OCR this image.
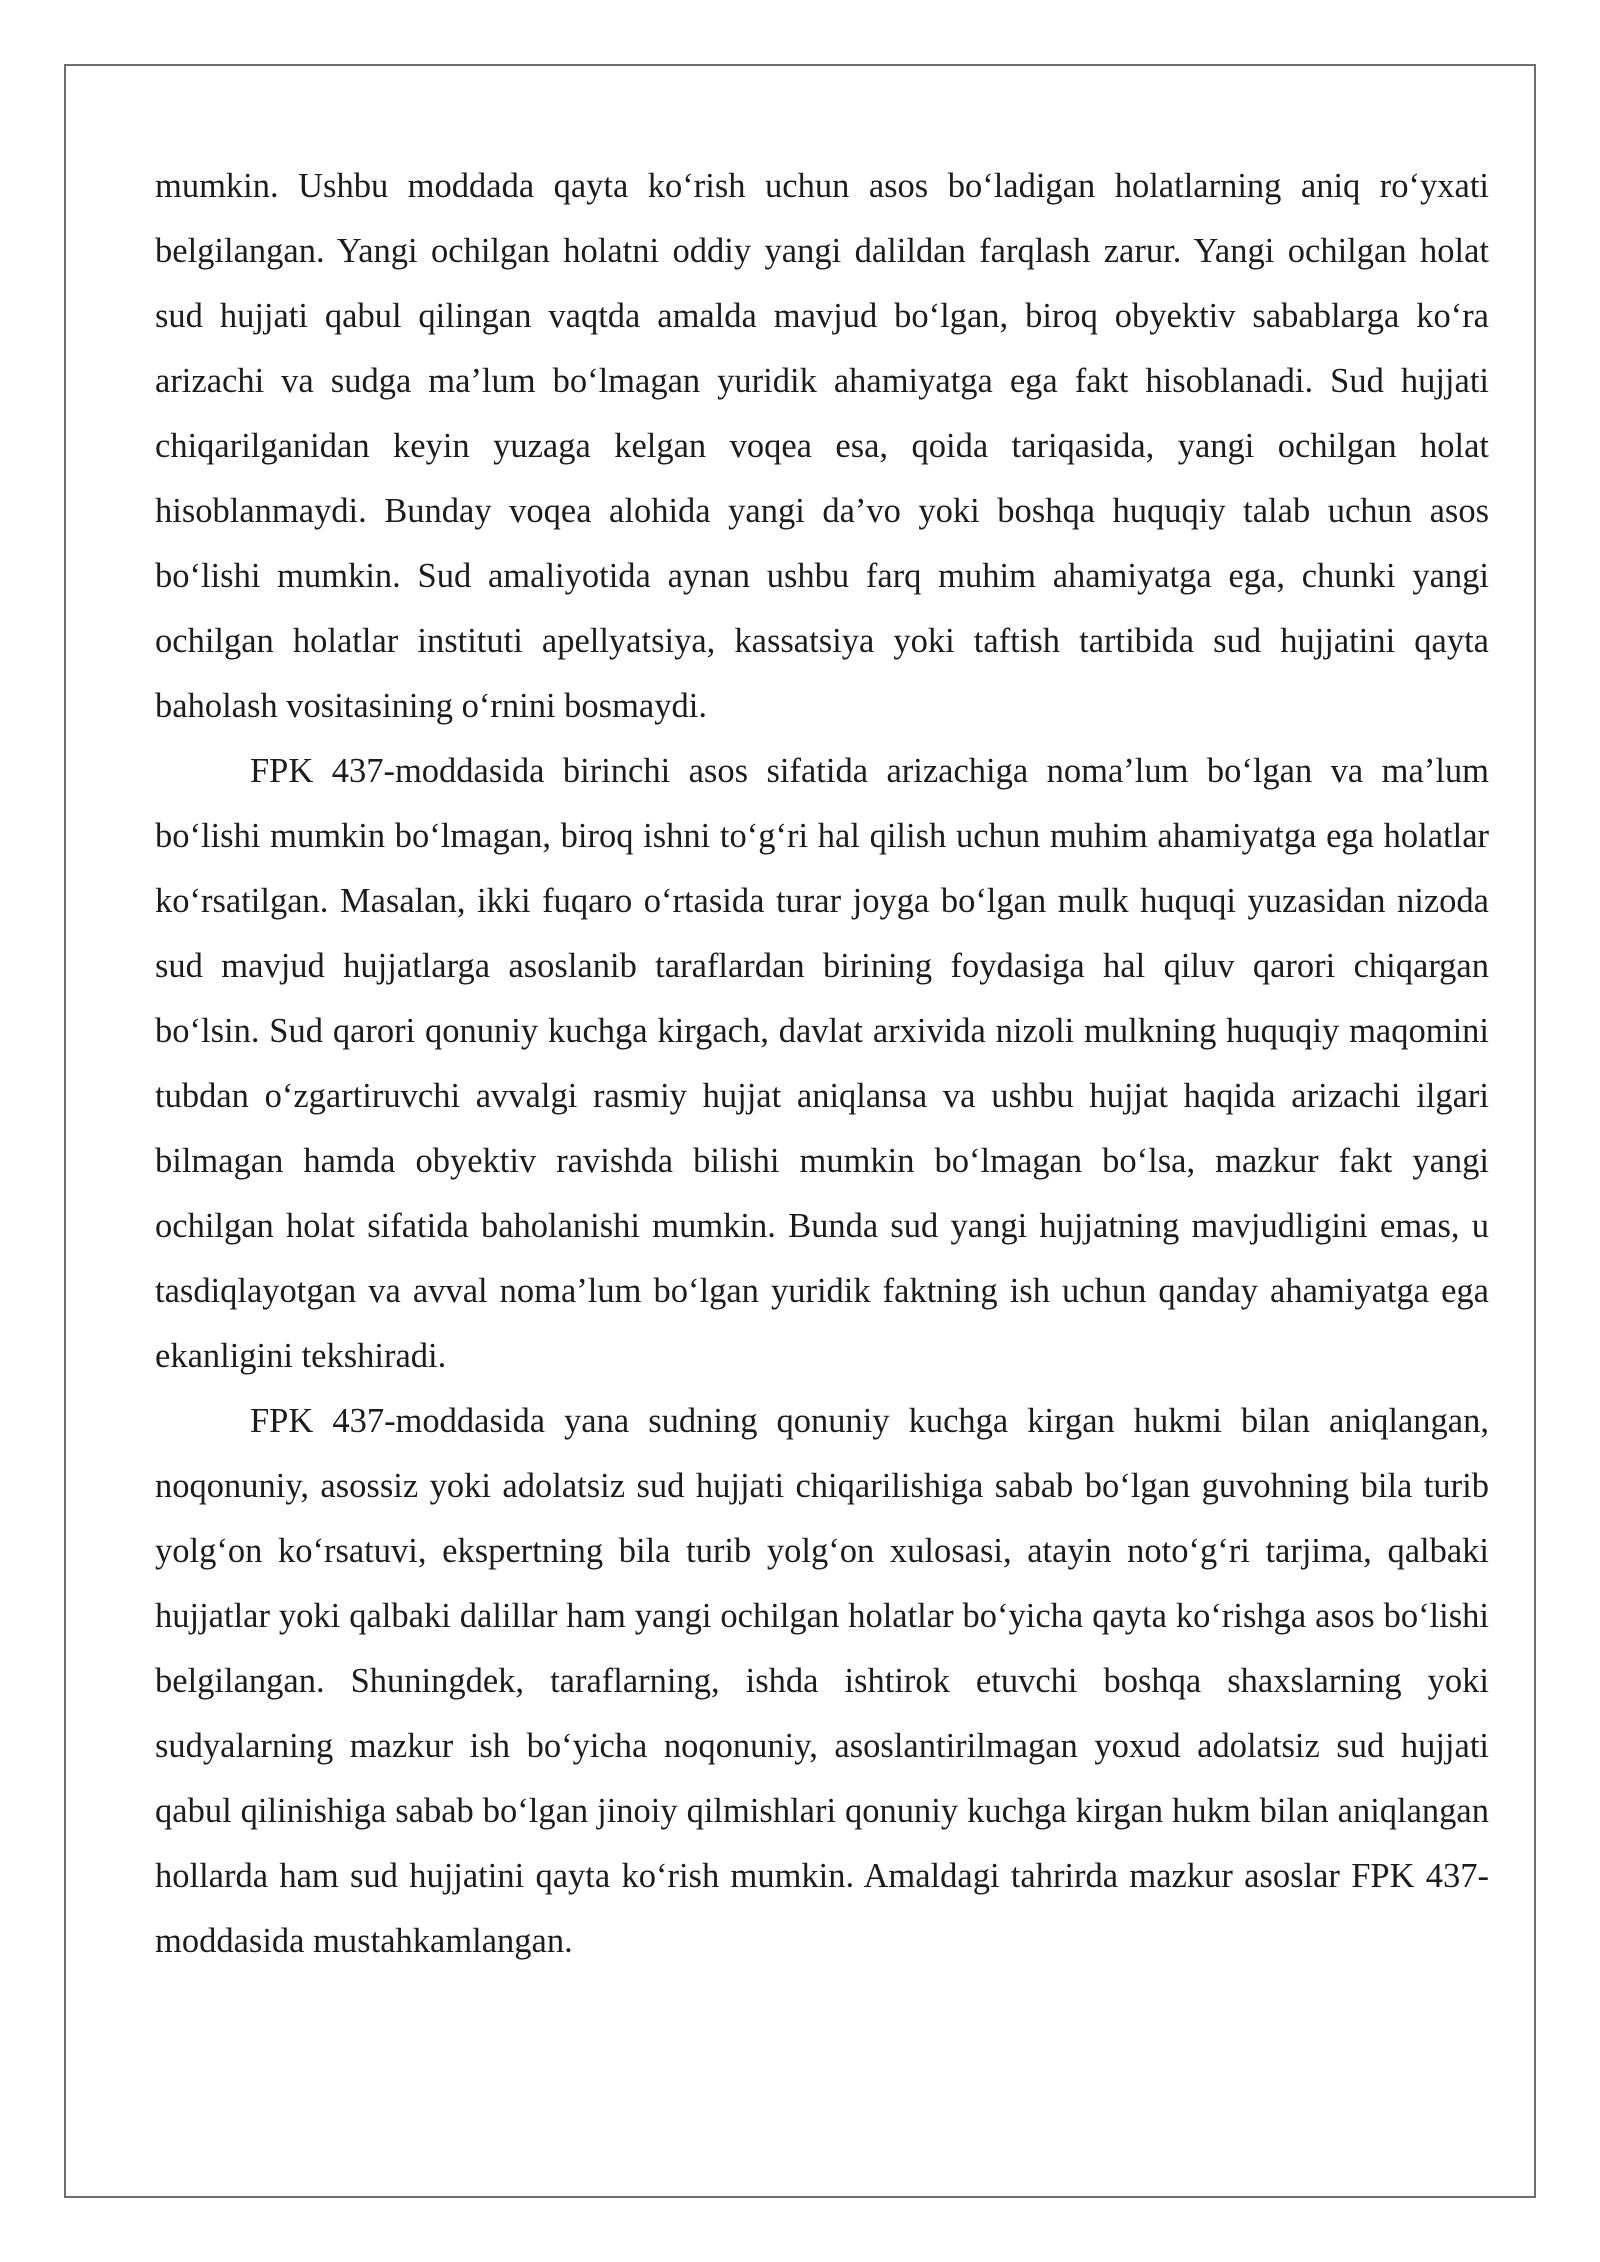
mumkin. Ushbu moddada qayta ko‘rish uchun asos bo‘ladigan holatlarning aniq ro‘yxati belgilangan. Yangi ochilgan holatni oddiy yangi dalildan farqlash zarur. Yangi ochilgan holat sud hujjati qabul qilingan vaqtda amalda mavjud bo‘lgan, biroq obyektiv sabablarga ko‘ra arizachi va sudga ma’lum bo‘lmagan yuridik ahamiyatga ega fakt hisoblanadi. Sud hujjati chiqarilganidan keyin yuzaga kelgan voqea esa, qoida tariqasida, yangi ochilgan holat hisoblanmaydi. Bunday voqea alohida yangi da’vo yoki boshqa huquqiy talab uchun asos bo‘lishi mumkin. Sud amaliyotida aynan ushbu farq muhim ahamiyatga ega, chunki yangi ochilgan holatlar instituti apellyatsiya, kassatsiya yoki taftish tartibida sud hujjatini qayta baholash vositasining o‘rnini bosmaydi.

FPK 437-moddasida birinchi asos sifatida arizachiga noma’lum bo‘lgan va ma’lum bo‘lishi mumkin bo‘lmagan, biroq ishni to‘g‘ri hal qilish uchun muhim ahamiyatga ega holatlar ko‘rsatilgan. Masalan, ikki fuqaro o‘rtasida turar joyga bo‘lgan mulk huquqi yuzasidan nizoda sud mavjud hujjatlarga asoslanib taraflardan birining foydasiga hal qiluv qarori chiqargan bo‘lsin. Sud qarori qonuniy kuchga kirgach, davlat arxivida nizoli mulkning huquqiy maqomini tubdan o‘zgartiruvchi avvalgi rasmiy hujjat aniqlansa va ushbu hujjat haqida arizachi ilgari bilmagan hamda obyektiv ravishda bilishi mumkin bo‘lmagan bo‘lsa, mazkur fakt yangi ochilgan holat sifatida baholanishi mumkin. Bunda sud yangi hujjatning mavjudligini emas, u tasdiqlayotgan va avval noma’lum bo‘lgan yuridik faktning ish uchun qanday ahamiyatga ega ekanligini tekshiradi.

FPK 437-moddasida yana sudning qonuniy kuchga kirgan hukmi bilan aniqlangan, noqonuniy, asossiz yoki adolatsiz sud hujjati chiqarilishiga sabab bo‘lgan guvohning bila turib yolg‘on ko‘rsatuvi, ekspertning bila turib yolg‘on xulosasi, atayin noto‘g‘ri tarjima, qalbaki hujjatlar yoki qalbaki dalillar ham yangi ochilgan holatlar bo‘yicha qayta ko‘rishga asos bo‘lishi belgilangan. Shuningdek, taraflarning, ishda ishtirok etuvchi boshqa shaxslarning yoki sudyalarning mazkur ish bo‘yicha noqonuniy, asoslantirilmagan yoxud adolatsiz sud hujjati qabul qilinishiga sabab bo‘lgan jinoiy qilmishlari qonuniy kuchga kirgan hukm bilan aniqlangan hollarda ham sud hujjatini qayta ko‘rish mumkin. Amaldagi tahrirda mazkur asoslar FPK 437-moddasida mustahkamlangan.
